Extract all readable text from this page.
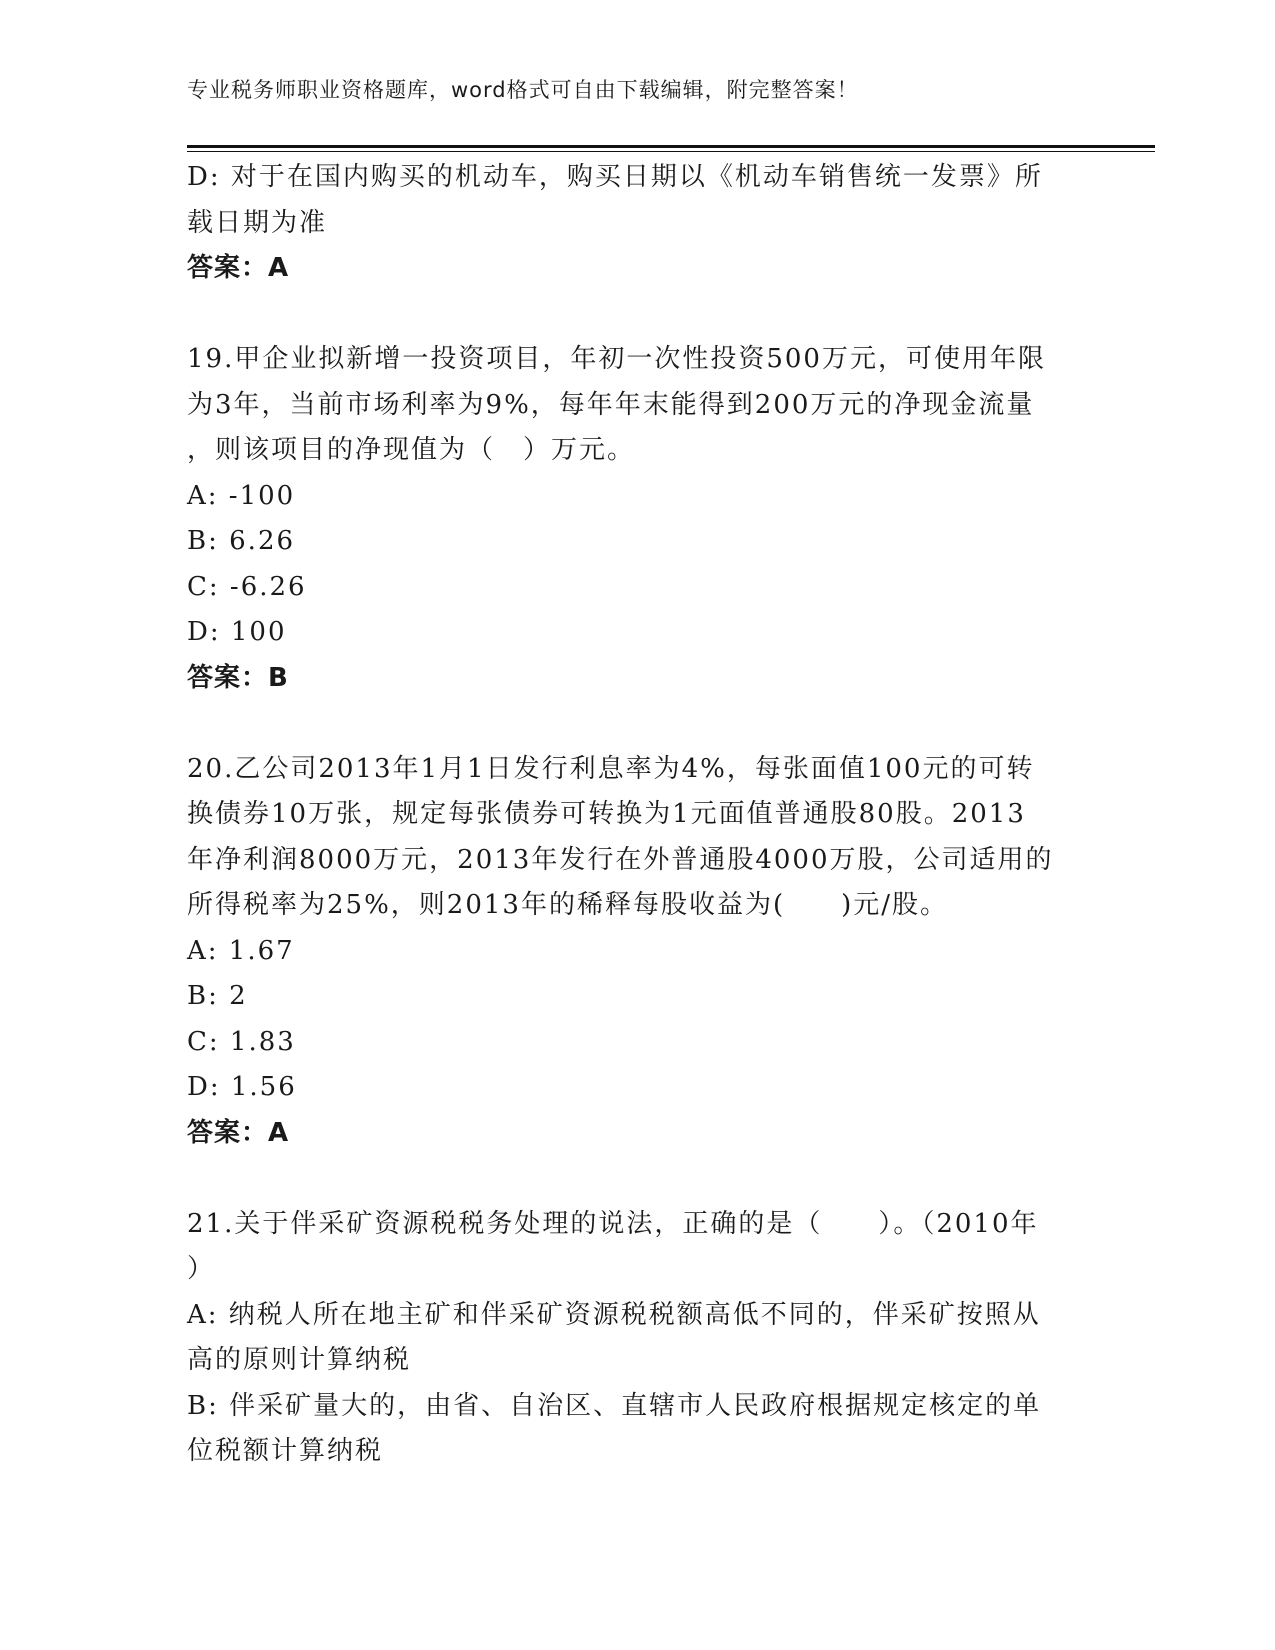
专业税务师职业资格题库，word格式可自由下载编辑，附完整答案！
D: 对于在国内购买的机动车，购买日期以《机动车销售统一发票》所
载日期为准
答案：A
19.甲企业拟新增一投资项目，年初一次性投资500万元，可使用年限
为3年，当前市场利率为9%，每年年末能得到200万元的净现金流量
，则该项目的净现值为（　）万元。
A: -100
B: 6.26
C: -6.26
D: 100
答案：B
20.乙公司2013年1月1日发行利息率为4%，每张面值100元的可转
换债券10万张，规定每张债券可转换为1元面值普通股80股。2013
年净利润8000万元，2013年发行在外普通股4000万股，公司适用的
所得税率为25%，则2013年的稀释每股收益为(　　)元/股。
A: 1.67
B: 2
C: 1.83
D: 1.56
答案：A
21.关于伴采矿资源税税务处理的说法，正确的是（　　）。（2010年
）
A: 纳税人所在地主矿和伴采矿资源税税额高低不同的，伴采矿按照从
高的原则计算纳税
B: 伴采矿量大的，由省、自治区、直辖市人民政府根据规定核定的单
位税额计算纳税
